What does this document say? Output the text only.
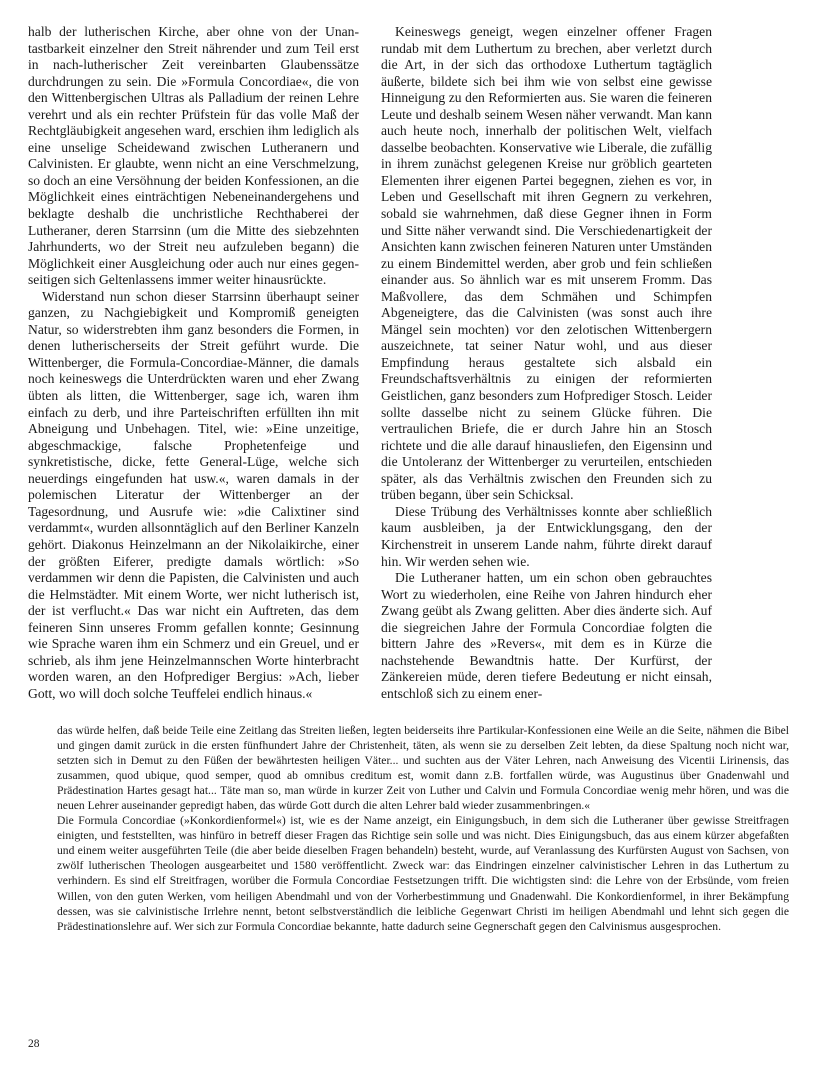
halb der lutherischen Kirche, aber ohne von der Unantastbarkeit einzelner den Streit nährender und zum Teil erst in nach-lutherischer Zeit vereinbarten Glaubenssätze durchdrungen zu sein. Die »Formula Concordiae«, die von den Wittenbergischen Ultras als Palladium der reinen Lehre verehrt und als ein rechter Prüfstein für das volle Maß der Rechtgläubigkeit angesehen ward, erschien ihm lediglich als eine unselige Scheidewand zwischen Lutheranern und Calvinisten. Er glaubte, wenn nicht an eine Verschmelzung, so doch an eine Versöhnung der beiden Konfessionen, an die Möglichkeit eines einträchtigen Nebeneinandergehens und beklagte deshalb die unchristliche Rechthaberei der Lutheraner, deren Starrsinn (um die Mitte des siebzehnten Jahrhunderts, wo der Streit neu aufzuleben begann) die Möglichkeit einer Ausgleichung oder auch nur eines gegenseitigen sich Geltenlassens immer weiter hinausrückte.

Widerstand nun schon dieser Starrsinn überhaupt seiner ganzen, zu Nachgiebigkeit und Kompromiß geneigten Natur, so widerstrebten ihm ganz besonders die Formen, in denen lutherischerseits der Streit geführt wurde. Die Wittenberger, die Formula-Concordiae-Männer, die damals noch keineswegs die Unterdrückten waren und eher Zwang übten als litten, die Wittenberger, sage ich, waren ihm einfach zu derb, und ihre Parteischriften erfüllten ihn mit Abneigung und Unbehagen. Titel, wie: »Eine unzeitige, abgeschmackige, falsche Prophetenfeige und synkretistische, dicke, fette General-Lüge, welche sich neuerdings eingefunden hat usw.«, waren damals in der polemischen Literatur der Wittenberger an der Tagesordnung, und Ausrufe wie: »die Calixtiner sind verdammt«, wurden allsonntäglich auf den Berliner Kanzeln gehört. Diakonus Heinzelmann an der Nikolaikirche, einer der größten Eiferer, predigte damals wörtlich: »So verdammen wir denn die Papisten, die Calvinisten und auch die Helmstädter. Mit einem Worte, wer nicht lutherisch ist, der ist verflucht.« Das war nicht ein Auftreten, das dem feineren Sinn unseres Fromm gefallen konnte; Gesinnung wie Sprache waren ihm ein Schmerz und ein Greuel, und er schrieb, als ihm jene Heinzelmannschen Worte hinterbracht worden waren, an den Hofprediger Bergius: »Ach, lieber Gott, wo will doch solche Teuffelei endlich hinaus.«

Keineswegs geneigt, wegen einzelner offener Fragen rundab mit dem Luthertum zu brechen, aber verletzt durch die Art, in der sich das orthodoxe Luthertum tagtäglich äußerte, bildete sich bei ihm wie von selbst eine gewisse Hinneigung zu den Reformierten aus. Sie waren die feineren Leute und deshalb seinem Wesen näher verwandt. Man kann auch heute noch, innerhalb der politischen Welt, vielfach dasselbe beobachten. Konservative wie Liberale, die zufällig in ihrem zunächst gelegenen Kreise nur gröblich gearteten Elementen ihrer eigenen Partei begegnen, ziehen es vor, in Leben und Gesellschaft mit ihren Gegnern zu verkehren, sobald sie wahrnehmen, daß diese Gegner ihnen in Form und Sitte näher verwandt sind. Die Verschiedenartigkeit der Ansichten kann zwischen feineren Naturen unter Umständen zu einem Bindemittel werden, aber grob und fein schließen einander aus. So ähnlich war es mit unserem Fromm. Das Maßvollere, das dem Schmähen und Schimpfen Abgeneigtere, das die Calvinisten (was sonst auch ihre Mängel sein mochten) vor den zelotischen Wittenbergern auszeichnete, tat seiner Natur wohl, und aus dieser Empfindung heraus gestaltete sich alsbald ein Freundschaftsverhältnis zu einigen der reformierten Geistlichen, ganz besonders zum Hofprediger Stosch. Leider sollte dasselbe nicht zu seinem Glücke führen. Die vertraulichen Briefe, die er durch Jahre hin an Stosch richtete und die alle darauf hinausliefen, den Eigensinn und die Untoleranz der Wittenberger zu verurteilen, entschieden später, als das Verhältnis zwischen den Freunden sich zu trüben begann, über sein Schicksal.

Diese Trübung des Verhältnisses konnte aber schließlich kaum ausbleiben, ja der Entwicklungsgang, den der Kirchenstreit in unserem Lande nahm, führte direkt darauf hin. Wir werden sehen wie.

Die Lutheraner hatten, um ein schon oben gebrauchtes Wort zu wiederholen, eine Reihe von Jahren hindurch eher Zwang geübt als Zwang gelitten. Aber dies änderte sich. Auf die siegreichen Jahre der Formula Concordiae folgten die bittern Jahre des »Revers«, mit dem es in Kürze die nachstehende Bewandtnis hatte. Der Kurfürst, der Zänkereien müde, deren tiefere Bedeutung er nicht einsah, entschloß sich zu einem ener-

das würde helfen, daß beide Teile eine Zeitlang das Streiten ließen, legten beiderseits ihre Partikular-Konfessionen eine Weile an die Seite, nähmen die Bibel und gingen damit zurück in die ersten fünfhundert Jahre der Christenheit, täten, als wenn sie zu derselben Zeit lebten, da diese Spaltung noch nicht war, setzten sich in Demut zu den Füßen der bewährtesten heiligen Väter... und suchten aus der Väter Lehren, nach Anweisung des Vicentii Lirinensis, das zusammen, quod ubique, quod semper, quod ab omnibus creditum est, womit dann z.B. fortfallen würde, was Augustinus über Gnadenwahl und Prädestination Hartes gesagt hat... Täte man so, man würde in kurzer Zeit von Luther und Calvin und Formula Concordiae wenig mehr hören, und was die neuen Lehrer auseinander gepredigt haben, das würde Gott durch die alten Lehrer bald wieder zusammenbringen.«

Die Formula Concordiae (»Konkordienformel«) ist, wie es der Name anzeigt, ein Einigungsbuch, in dem sich die Lutheraner über gewisse Streitfragen einigten, und feststellten, was hinfüro in betreff dieser Fragen das Richtige sein solle und was nicht. Dies Einigungsbuch, das aus einem kürzer abgefaßten und einem weiter ausgeführten Teile (die aber beide dieselben Fragen behandeln) besteht, wurde, auf Veranlassung des Kurfürsten August von Sachsen, von zwölf lutherischen Theologen ausgearbeitet und 1580 veröffentlicht. Zweck war: das Eindringen einzelner calvinistischer Lehren in das Luthertum zu verhindern. Es sind elf Streitfragen, worüber die Formula Concordiae Festsetzungen trifft. Die wichtigsten sind: die Lehre von der Erbsünde, vom freien Willen, von den guten Werken, vom heiligen Abendmahl und von der Vorherbestimmung und Gnadenwahl. Die Konkordienformel, in ihrer Bekämpfung dessen, was sie calvinistische Irrlehre nennt, betont selbstverständlich die leibliche Gegenwart Christi im heiligen Abendmahl und lehnt sich gegen die Prädestinationslehre auf. Wer sich zur Formula Concordiae bekannte, hatte dadurch seine Gegnerschaft gegen den Calvinismus ausgesprochen.

28
